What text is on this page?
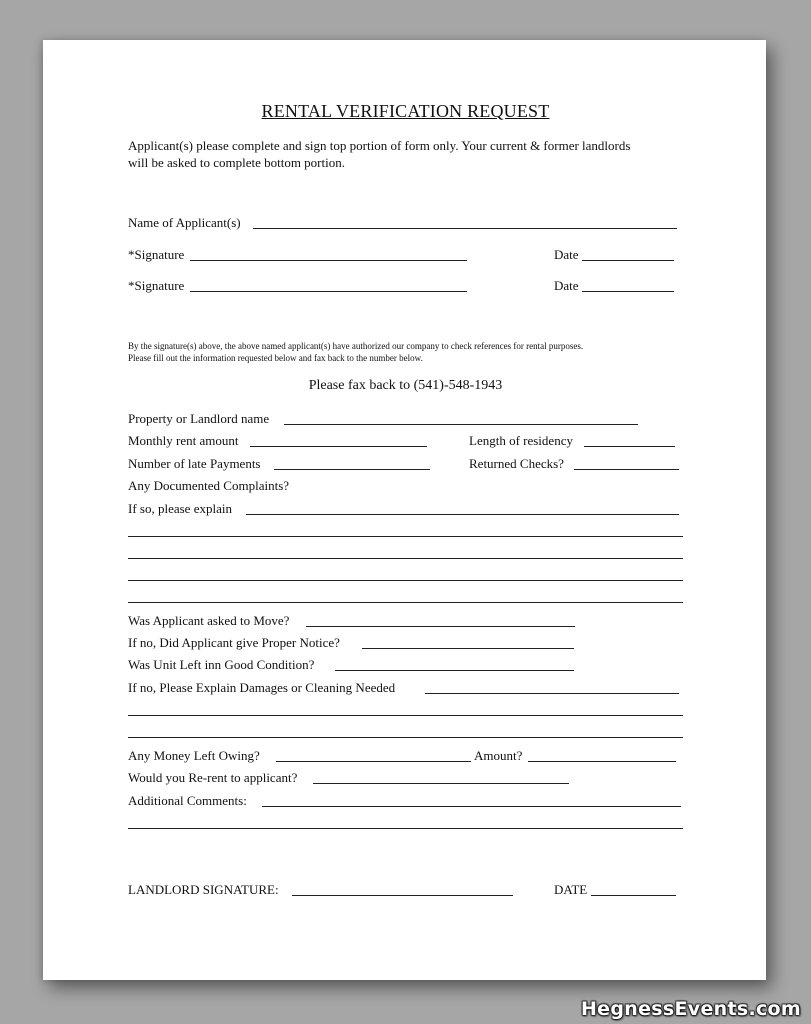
RENTAL VERIFICATION REQUEST
Applicant(s) please complete and sign top portion of form only. Your current & former landlords
will be asked to complete bottom portion.
Name of Applicant(s)
*Signature	Date
*Signature	Date
By the signature(s) above, the above named applicant(s) have authorized our company to check references for rental purposes.
Please fill out the information requested below and fax back to the number below.
Please fax back to (541)-548-1943
Property or Landlord name
Monthly rent amount	Length of residency
Number of late Payments	Returned Checks?
Any Documented Complaints?
If so, please explain
Was Applicant asked to Move?
If no, Did Applicant give Proper Notice?
Was Unit Left inn Good Condition?
If no, Please Explain Damages or Cleaning Needed
Any Money Left Owing?	Amount?
Would you Re-rent to applicant?
Additional Comments:
LANDLORD SIGNATURE:	DATE
HegnessEvents.com
